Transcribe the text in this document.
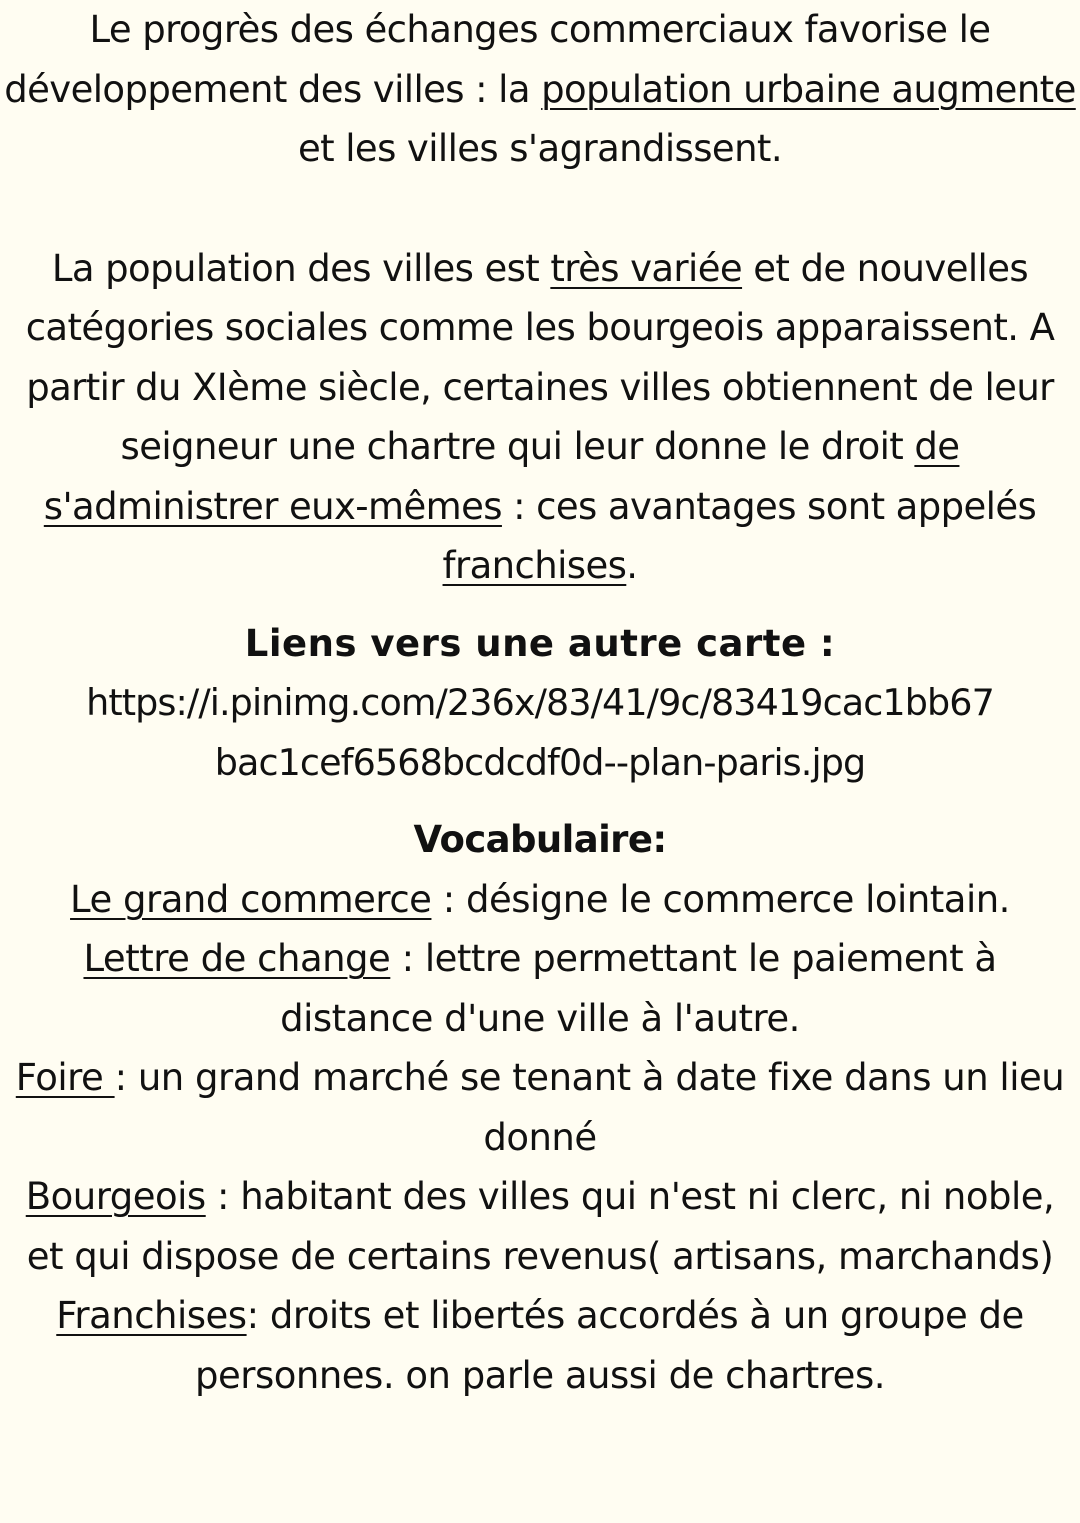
Le progrès des échanges commerciaux favorise le développement des villes : la population urbaine augmente et les villes s'agrandissent.

La population des villes est très variée et de nouvelles catégories sociales comme les bourgeois apparaissent. A partir du XIème siècle, certaines villes obtiennent de leur seigneur une chartre qui leur donne le droit de s'administrer eux-mêmes : ces avantages sont appelés franchises.

Liens vers une autre carte :

https://i.pinimg.com/236x/83/41/9c/83419cac1bb67
bac1cef6568bcdcdf0d--plan-paris.jpg

Vocabulaire:

Le grand commerce : désigne le commerce lointain.

Lettre de change : lettre permettant le paiement à distance d'une ville à l'autre.

Foire : un grand marché se tenant à date fixe dans un lieu donné

Bourgeois : habitant des villes qui n'est ni clerc, ni noble, et qui dispose de certains revenus( artisans, marchands)

Franchises: droits et libertés accordés à un groupe de personnes. on parle aussi de chartres.
